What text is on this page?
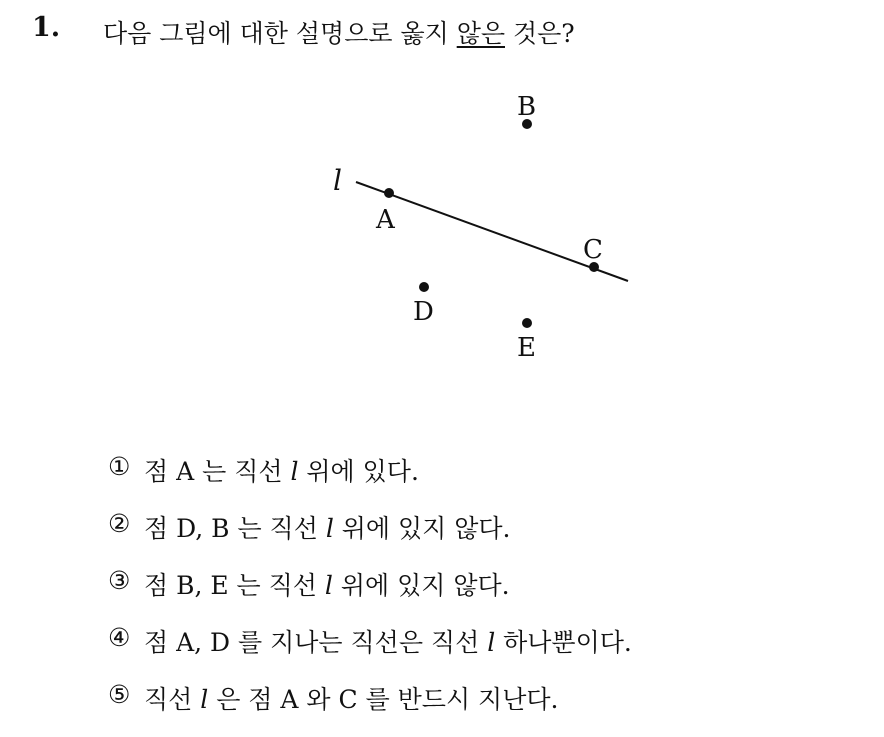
1. 다음 그림에 대한 설명으로 옳지 않은 것은?
l
A
B
C
D
E
① 점 A 는 직선 l 위에 있다.
② 점 D, B 는 직선 l 위에 있지 않다.
③ 점 B, E 는 직선 l 위에 있지 않다.
④ 점 A, D 를 지나는 직선은 직선 l 하나뿐이다.
⑤ 직선 l 은 점 A 와 C 를 반드시 지난다.
